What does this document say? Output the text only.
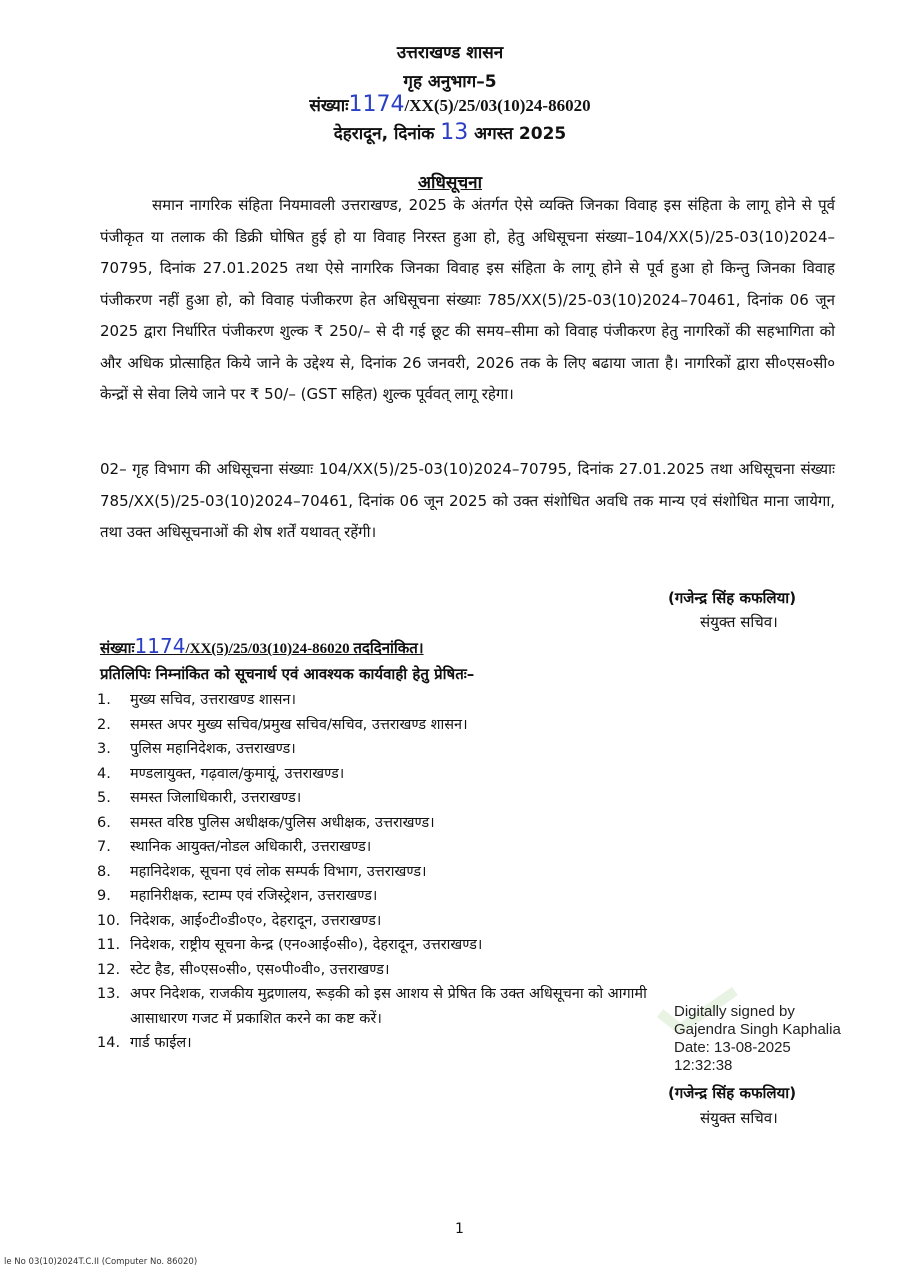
उत्तराखण्ड शासन
गृह अनुभाग–5
संख्याः1174/XX(5)/25/03(10)24-86020
देहरादून, दिनांक 13 अगस्त 2025
अधिसूचना
समान नागरिक संहिता नियमावली उत्तराखण्ड, 2025 के अंतर्गत ऐसे व्यक्ति जिनका विवाह इस संहिता के लागू होने से पूर्व पंजीकृत या तलाक की डिक्री घोषित हुई हो या विवाह निरस्त हुआ हो, हेतु अधिसूचना संख्या–104/XX(5)/25-03(10)2024–70795, दिनांक 27.01.2025 तथा ऐसे नागरिक जिनका विवाह इस संहिता के लागू होने से पूर्व हुआ हो किन्तु जिनका विवाह पंजीकरण नहीं हुआ हो, को विवाह पंजीकरण हेत अधिसूचना संख्याः 785/XX(5)/25-03(10)2024–70461, दिनांक 06 जून 2025 द्वारा निर्धारित पंजीकरण शुल्क ₹ 250/– से दी गई छूट की समय–सीमा को विवाह पंजीकरण हेतु नागरिकों की सहभागिता को और अधिक प्रोत्साहित किये जाने के उद्देश्य से, दिनांक 26 जनवरी, 2026 तक के लिए बढाया जाता है। नागरिकों द्वारा सी०एस०सी० केन्द्रों से सेवा लिये जाने पर ₹ 50/– (GST सहित) शुल्क पूर्ववत् लागू रहेगा।
02– गृह विभाग की अधिसूचना संख्याः 104/XX(5)/25-03(10)2024–70795, दिनांक 27.01.2025 तथा अधिसूचना संख्याः 785/XX(5)/25-03(10)2024–70461, दिनांक 06 जून 2025 को उक्त संशोधित अवधि तक मान्य एवं संशोधित माना जायेगा, तथा उक्त अधिसूचनाओं की शेष शर्तें यथावत् रहेंगी।
(गजेन्द्र सिंह कफलिया)
संयुक्त सचिव।
संख्याः1174/XX(5)/25/03(10)24-86020 तददिनांकित।
प्रतिलिपिः निम्नांकित को सूचनार्थ एवं आवश्यक कार्यवाही हेतु प्रेषितः–
1. मुख्य सचिव, उत्तराखण्ड शासन।
2. समस्त अपर मुख्य सचिव/प्रमुख सचिव/सचिव, उत्तराखण्ड शासन।
3. पुलिस महानिदेशक, उत्तराखण्ड।
4. मण्डलायुक्त, गढ़वाल/कुमायूं, उत्तराखण्ड।
5. समस्त जिलाधिकारी, उत्तराखण्ड।
6. समस्त वरिष्ठ पुलिस अधीक्षक/पुलिस अधीक्षक, उत्तराखण्ड।
7. स्थानिक आयुक्त/नोडल अधिकारी, उत्तराखण्ड।
8. महानिदेशक, सूचना एवं लोक सम्पर्क विभाग, उत्तराखण्ड।
9. महानिरीक्षक, स्टाम्प एवं रजिस्ट्रेशन, उत्तराखण्ड।
10. निदेशक, आई०टी०डी०ए०, देहरादून, उत्तराखण्ड।
11. निदेशक, राष्ट्रीय सूचना केन्द्र (एन०आई०सी०), देहरादून, उत्तराखण्ड।
12. स्टेट हैड, सी०एस०सी०, एस०पी०वी०, उत्तराखण्ड।
13. अपर निदेशक, राजकीय मुद्रणालय, रूड़की को इस आशय से प्रेषित कि उक्त अधिसूचना को आगामी आसाधारण गजट में प्रकाशित करने का कष्ट करें।
14. गार्ड फाईल।
Digitally signed by
Gajendra Singh Kaphalia
Date: 13-08-2025
12:32:38
(गजेन्द्र सिंह कफलिया)
संयुक्त सचिव।
1
le No 03(10)2024T.C.II (Computer No. 86020)
